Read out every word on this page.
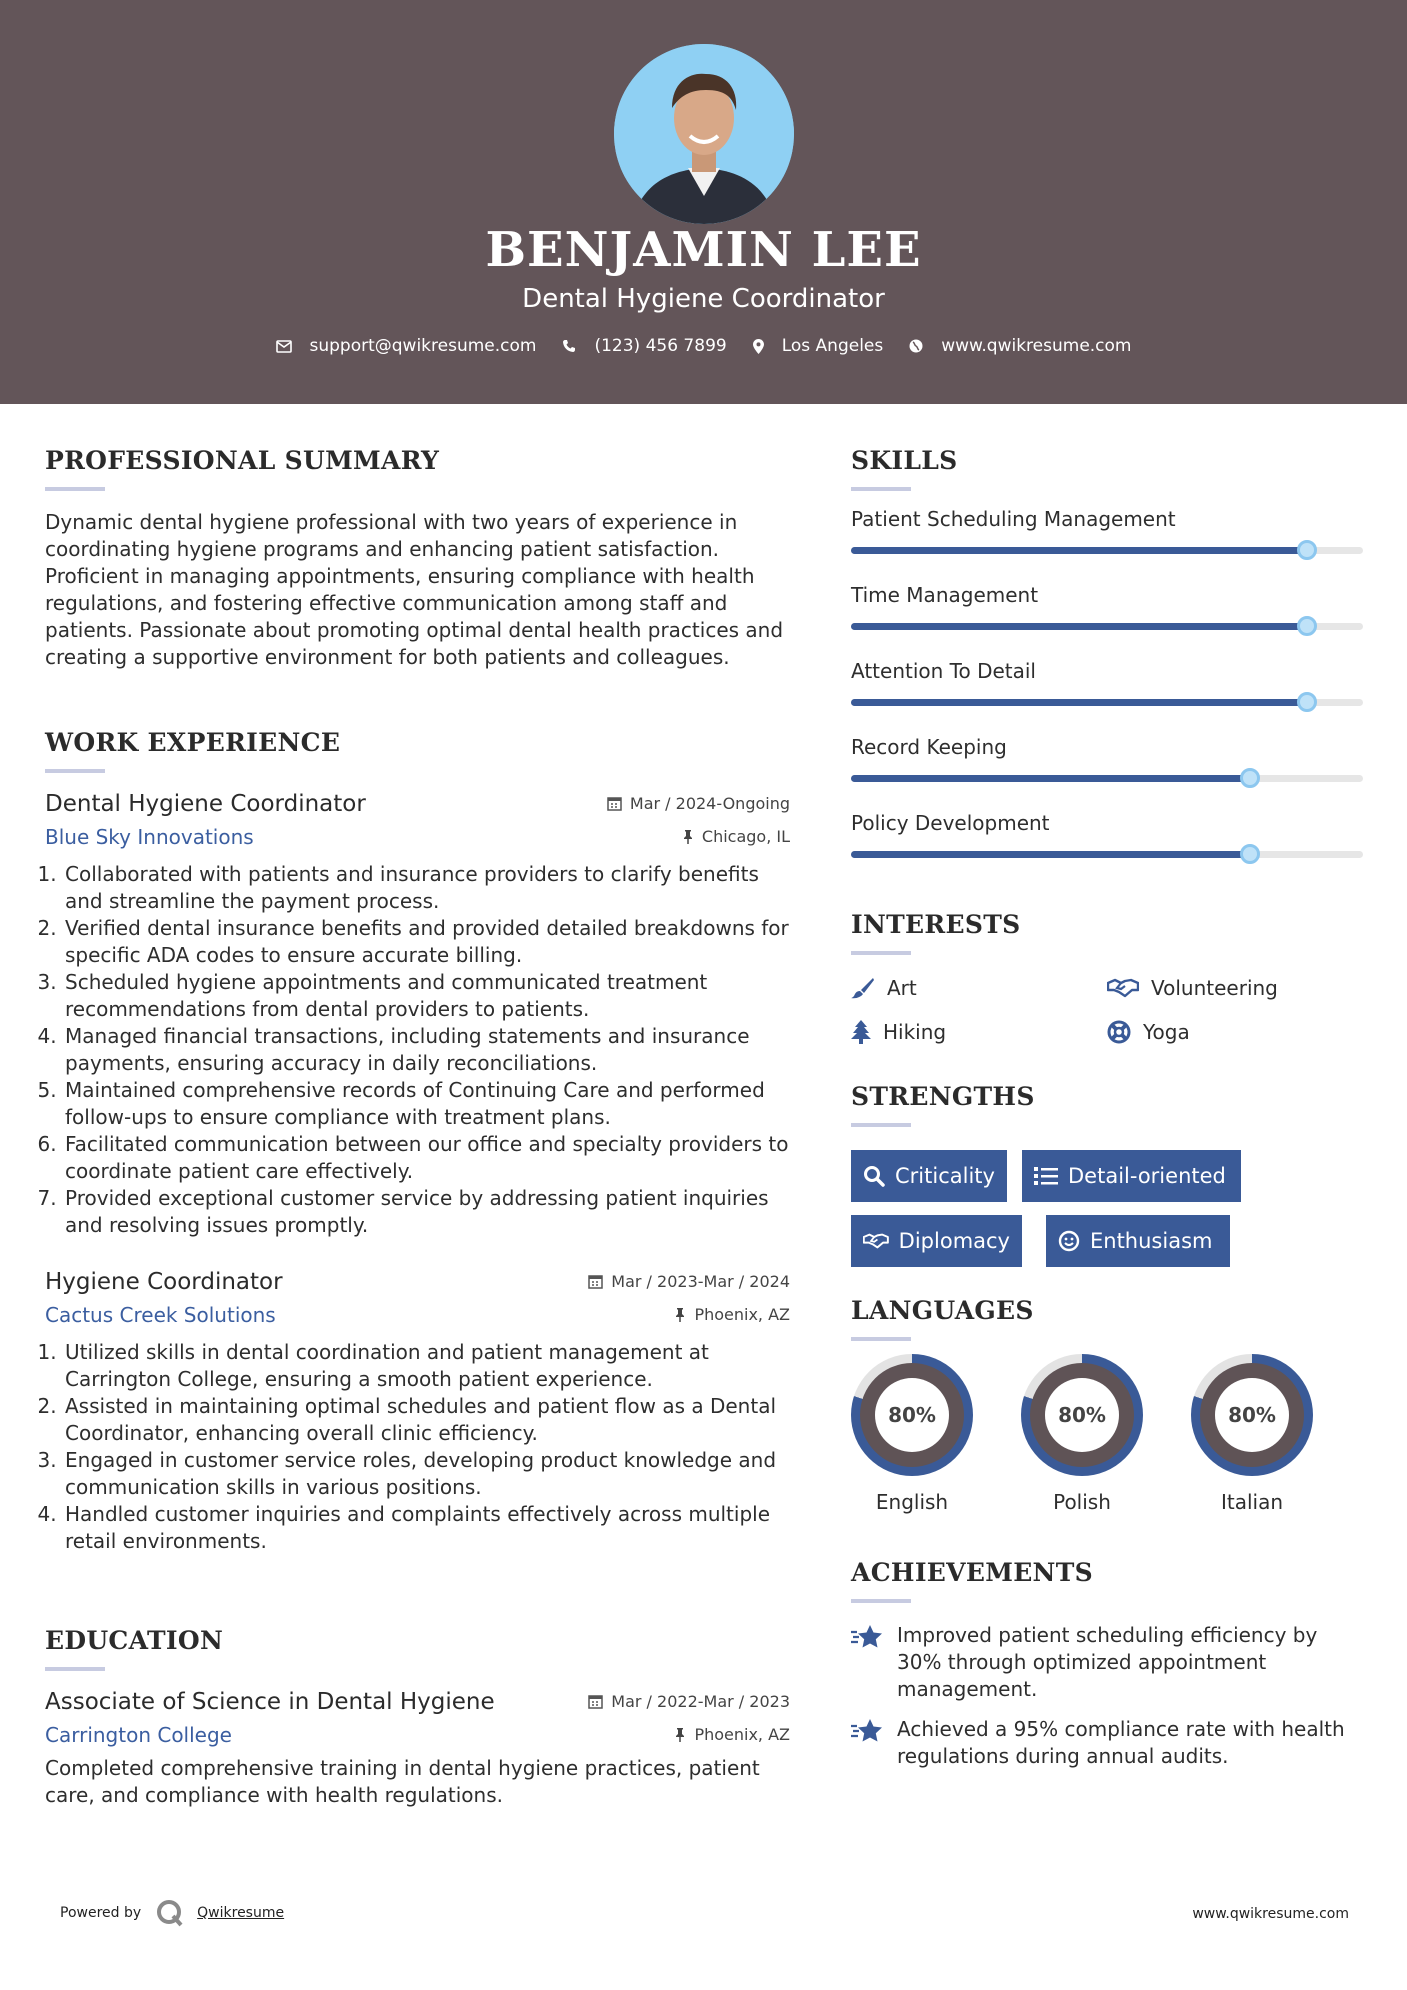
BENJAMIN LEE
Dental Hygiene Coordinator
support@qwikresume.com	(123) 456 7899	Los Angeles	www.qwikresume.com
PROFESSIONAL SUMMARY
Dynamic dental hygiene professional with two years of experience in coordinating hygiene programs and enhancing patient satisfaction. Proficient in managing appointments, ensuring compliance with health regulations, and fostering effective communication among staff and patients. Passionate about promoting optimal dental health practices and creating a supportive environment for both patients and colleagues.
WORK EXPERIENCE
Dental Hygiene Coordinator	Mar / 2024-Ongoing
Blue Sky Innovations	Chicago, IL
1. Collaborated with patients and insurance providers to clarify benefits and streamline the payment process.
2. Verified dental insurance benefits and provided detailed breakdowns for specific ADA codes to ensure accurate billing.
3. Scheduled hygiene appointments and communicated treatment recommendations from dental providers to patients.
4. Managed financial transactions, including statements and insurance payments, ensuring accuracy in daily reconciliations.
5. Maintained comprehensive records of Continuing Care and performed follow-ups to ensure compliance with treatment plans.
6. Facilitated communication between our office and specialty providers to coordinate patient care effectively.
7. Provided exceptional customer service by addressing patient inquiries and resolving issues promptly.
Hygiene Coordinator	Mar / 2023-Mar / 2024
Cactus Creek Solutions	Phoenix, AZ
1. Utilized skills in dental coordination and patient management at Carrington College, ensuring a smooth patient experience.
2. Assisted in maintaining optimal schedules and patient flow as a Dental Coordinator, enhancing overall clinic efficiency.
3. Engaged in customer service roles, developing product knowledge and communication skills in various positions.
4. Handled customer inquiries and complaints effectively across multiple retail environments.
EDUCATION
Associate of Science in Dental Hygiene	Mar / 2022-Mar / 2023
Carrington College	Phoenix, AZ
Completed comprehensive training in dental hygiene practices, patient care, and compliance with health regulations.
SKILLS
Patient Scheduling Management
Time Management
Attention To Detail
Record Keeping
Policy Development
INTERESTS
Art	Volunteering
Hiking	Yoga
STRENGTHS
Criticality	Detail-oriented
Diplomacy	Enthusiasm
LANGUAGES
80%
English
80%
Polish
80%
Italian
ACHIEVEMENTS
Improved patient scheduling efficiency by 30% through optimized appointment management.
Achieved a 95% compliance rate with health regulations during annual audits.
Powered by	Qwikresume	www.qwikresume.com
